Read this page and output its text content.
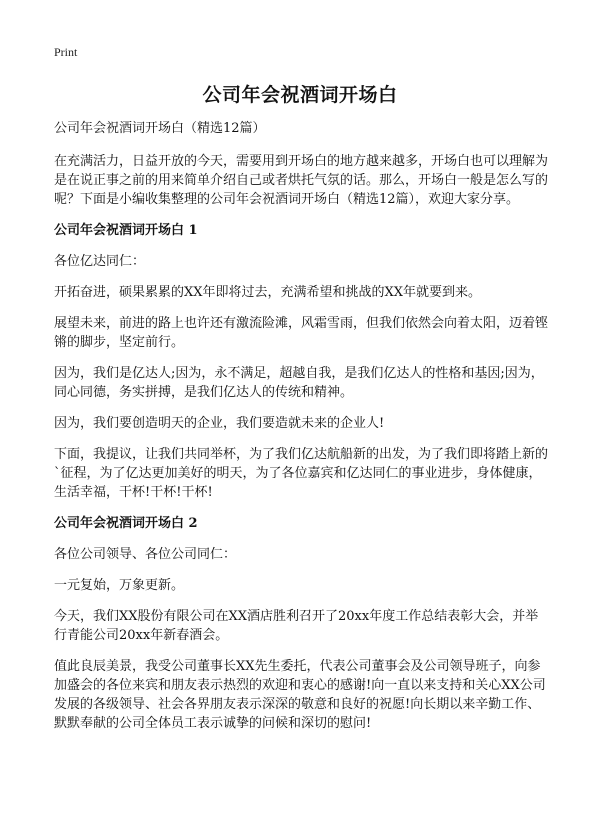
Print
公司年会祝酒词开场白

公司年会祝酒词开场白（精选12篇）

在充满活力，日益开放的今天，需要用到开场白的地方越来越多，开场白也可以理解为是在说正事之前的用来简单介绍自己或者烘托气氛的话。那么，开场白一般是怎么写的呢？下面是小编收集整理的公司年会祝酒词开场白（精选12篇），欢迎大家分享。

公司年会祝酒词开场白 1

各位亿达同仁：

开拓奋进，硕果累累的XX年即将过去，充满希望和挑战的XX年就要到来。

展望未来，前进的路上也许还有激流险滩，风霜雪雨，但我们依然会向着太阳，迈着铿锵的脚步，坚定前行。

因为，我们是亿达人;因为，永不满足，超越自我，是我们亿达人的性格和基因;因为，同心同德，务实拼搏，是我们亿达人的传统和精神。

因为，我们要创造明天的企业，我们要造就未来的企业人!

下面，我提议，让我们共同举杯，为了我们亿达航船新的出发，为了我们即将踏上新的`征程，为了亿达更加美好的明天，为了各位嘉宾和亿达同仁的事业进步，身体健康，生活幸福，干杯!干杯!干杯!

公司年会祝酒词开场白 2

各位公司领导、各位公司同仁：

一元复始，万象更新。

今天，我们XX股份有限公司在XX酒店胜利召开了20xx年度工作总结表彰大会，并举行青能公司20xx年新春酒会。

值此良辰美景，我受公司董事长XX先生委托，代表公司董事会及公司领导班子，向参加盛会的各位来宾和朋友表示热烈的欢迎和衷心的感谢!向一直以来支持和关心XX公司发展的各级领导、社会各界朋友表示深深的敬意和良好的祝愿!向长期以来辛勤工作、默默奉献的公司全体员工表示诚挚的问候和深切的慰问!
